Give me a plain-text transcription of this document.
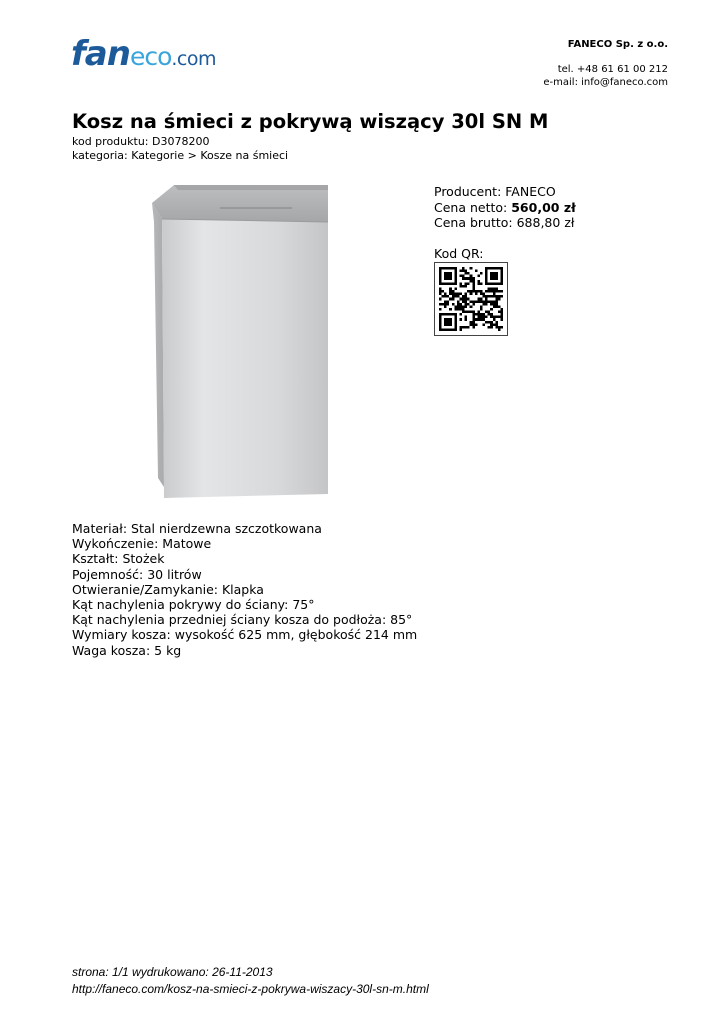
faneco.com
FANECO Sp. z o.o.
tel. +48 61 61 00 212
e-mail: info@faneco.com
Kosz na śmieci z pokrywą wiszący 30l SN M
kod produktu: D3078200
kategoria: Kategorie > Kosze na śmieci
Producent: FANECO
Cena netto: 560,00 zł
Cena brutto: 688,80 zł
Kod QR:
Materiał: Stal nierdzewna szczotkowana
Wykończenie: Matowe
Kształt: Stożek
Pojemność: 30 litrów
Otwieranie/Zamykanie: Klapka
Kąt nachylenia pokrywy do ściany: 75°
Kąt nachylenia przedniej ściany kosza do podłoża: 85°
Wymiary kosza: wysokość 625 mm, głębokość 214 mm
Waga kosza: 5 kg
strona: 1/1 wydrukowano: 26-11-2013
http://faneco.com/kosz-na-smieci-z-pokrywa-wiszacy-30l-sn-m.html
